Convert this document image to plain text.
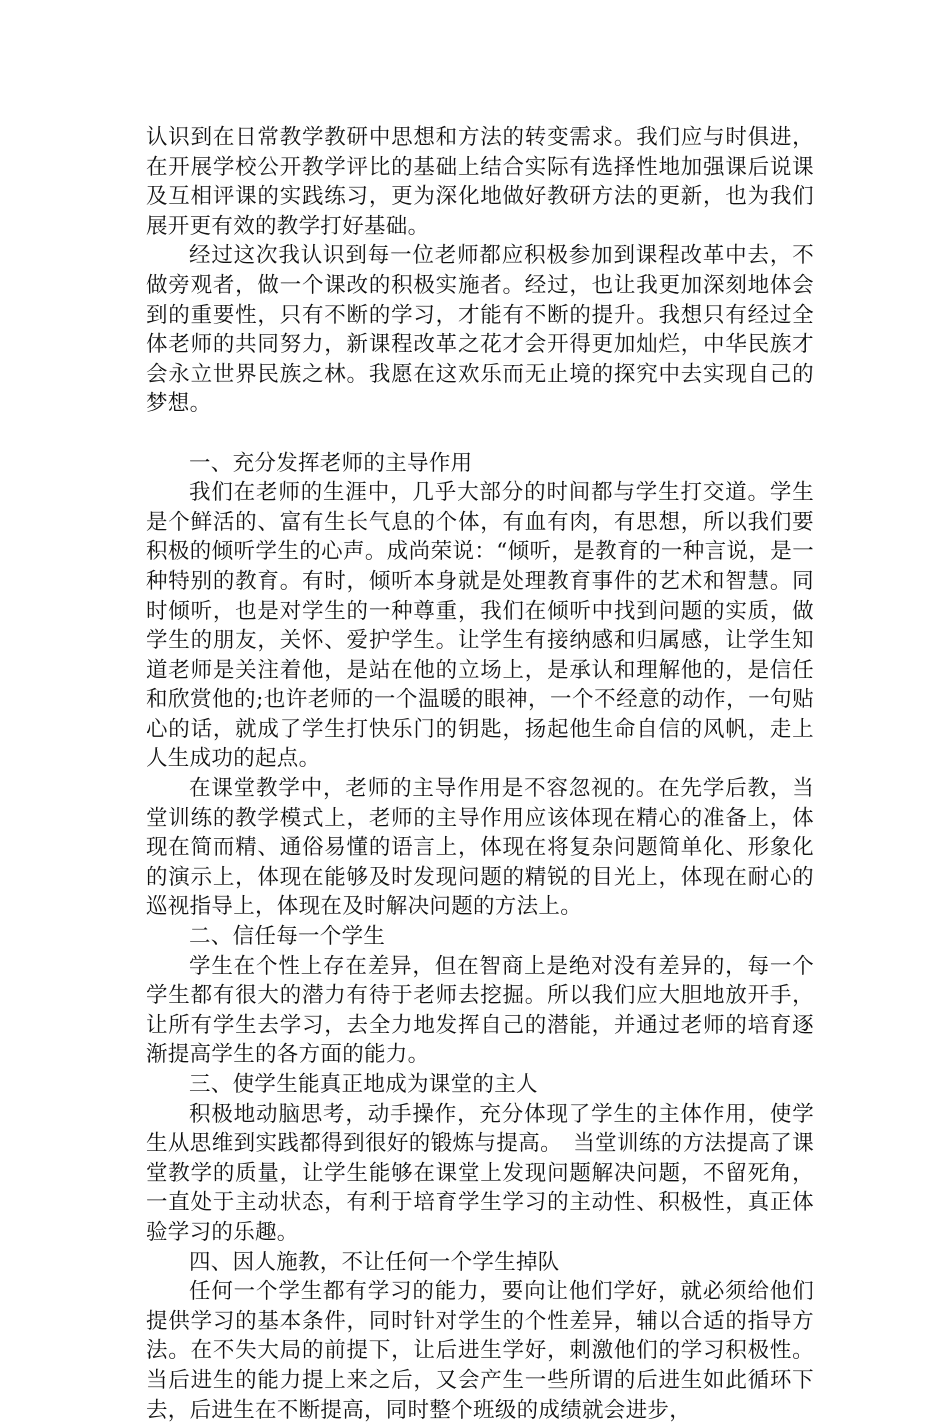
认识到在日常教学教研中思想和方法的转变需求。我们应与时俱进，在开展学校公开教学评比的基础上结合实际有选择性地加强课后说课及互相评课的实践练习，更为深化地做好教研方法的更新，也为我们展开更有效的教学打好基础。

经过这次我认识到每一位老师都应积极参加到课程改革中去，不做旁观者，做一个课改的积极实施者。经过，也让我更加深刻地体会到的重要性，只有不断的学习，才能有不断的提升。我想只有经过全体老师的共同努力，新课程改革之花才会开得更加灿烂，中华民族才会永立世界民族之林。我愿在这欢乐而无止境的探究中去实现自己的梦想。

一、充分发挥老师的主导作用

我们在老师的生涯中，几乎大部分的时间都与学生打交道。学生是个鲜活的、富有生长气息的个体，有血有肉，有思想，所以我们要积极的倾听学生的心声。成尚荣说：“倾听，是教育的一种言说，是一种特别的教育。有时，倾听本身就是处理教育事件的艺术和智慧。同时倾听，也是对学生的一种尊重，我们在倾听中找到问题的实质，做学生的朋友，关怀、爱护学生。让学生有接纳感和归属感，让学生知道老师是关注着他，是站在他的立场上，是承认和理解他的，是信任和欣赏他的;也许老师的一个温暖的眼神，一个不经意的动作，一句贴心的话，就成了学生打快乐门的钥匙，扬起他生命自信的风帆，走上人生成功的起点。

在课堂教学中，老师的主导作用是不容忽视的。在先学后教，当堂训练的教学模式上，老师的主导作用应该体现在精心的准备上，体现在简而精、通俗易懂的语言上，体现在将复杂问题简单化、形象化的演示上，体现在能够及时发现问题的精锐的目光上，体现在耐心的巡视指导上，体现在及时解决问题的方法上。

二、信任每一个学生

学生在个性上存在差异，但在智商上是绝对没有差异的，每一个学生都有很大的潜力有待于老师去挖掘。所以我们应大胆地放开手，让所有学生去学习，去全力地发挥自己的潜能，并通过老师的培育逐渐提高学生的各方面的能力。

三、使学生能真正地成为课堂的主人

积极地动脑思考，动手操作，充分体现了学生的主体作用，使学生从思维到实践都得到很好的锻炼与提高。　当堂训练的方法提高了课堂教学的质量，让学生能够在课堂上发现问题解决问题，不留死角，一直处于主动状态，有利于培育学生学习的主动性、积极性，真正体验学习的乐趣。

四、因人施教，不让任何一个学生掉队

任何一个学生都有学习的能力，要向让他们学好，就必须给他们提供学习的基本条件，同时针对学生的个性差异，辅以合适的指导方法。在不失大局的前提下，让后进生学好，刺激他们的学习积极性。当后进生的能力提上来之后，又会产生一些所谓的后进生如此循环下去，后进生在不断提高，同时整个班级的成绩就会进步，
